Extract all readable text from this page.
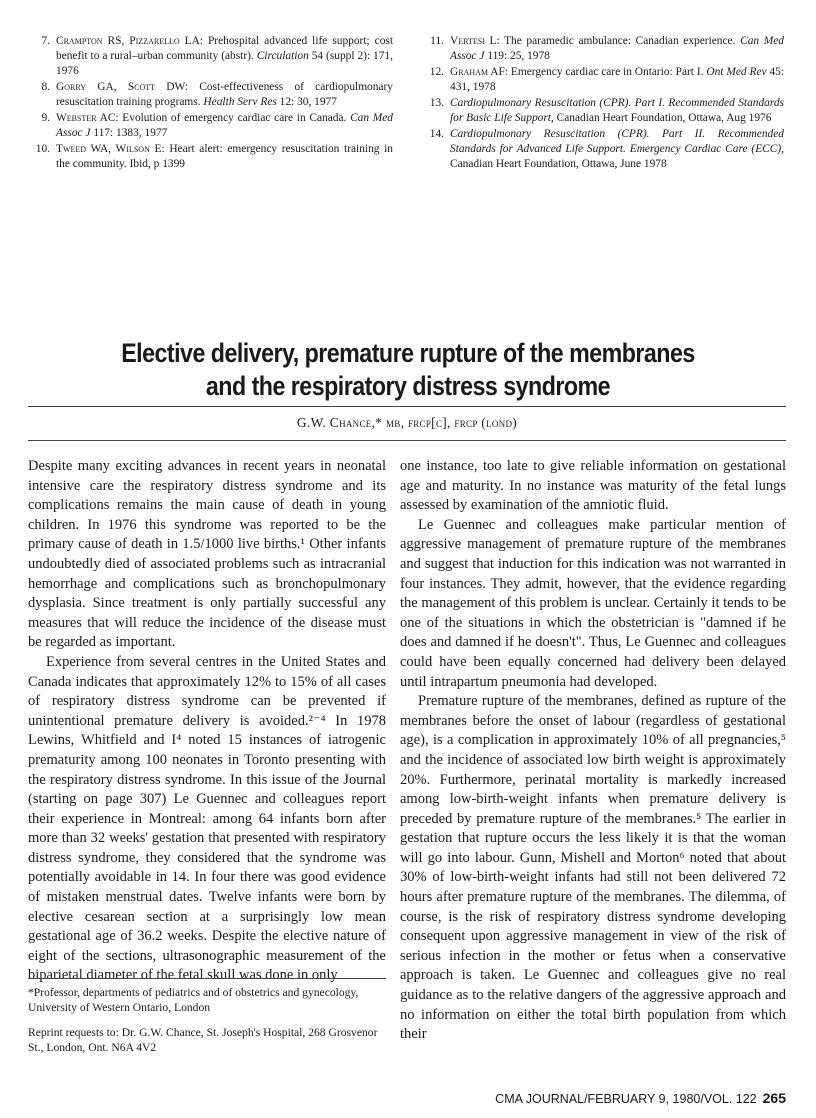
7. Crampton RS, Pizzarello LA: Prehospital advanced life support; cost benefit to a rural–urban community (abstr). Circulation 54 (suppl 2): 171, 1976
8. Gorry GA, Scott DW: Cost-effectiveness of cardiopulmonary resuscitation training programs. Health Serv Res 12: 30, 1977
9. Webster AC: Evolution of emergency cardiac care in Canada. Can Med Assoc J 117: 1383, 1977
10. Tweed WA, Wilson E: Heart alert: emergency resuscitation training in the community. Ibid, p 1399
11. Vertesi L: The paramedic ambulance: Canadian experience. Can Med Assoc J 119: 25, 1978
12. Graham AF: Emergency cardiac care in Ontario: Part I. Ont Med Rev 45: 431, 1978
13. Cardiopulmonary Resuscitation (CPR). Part I. Recommended Standards for Basic Life Support, Canadian Heart Foundation, Ottawa, Aug 1976
14. Cardiopulmonary Resuscitation (CPR). Part II. Recommended Standards for Advanced Life Support. Emergency Cardiac Care (ECC), Canadian Heart Foundation, Ottawa, June 1978
Elective delivery, premature rupture of the membranes
and the respiratory distress syndrome
G.W. Chance,* mb, frcp[c], frcp (lond)

Despite many exciting advances in recent years in neonatal intensive care the respiratory distress syndrome and its complications remains the main cause of death in young children. In 1976 this syndrome was reported to be the primary cause of death in 1.5/1000 live births.¹ Other infants undoubtedly died of associated problems such as intracranial hemorrhage and complications such as bronchopulmonary dysplasia. Since treatment is only partially successful any measures that will reduce the incidence of the disease must be regarded as important.

Experience from several centres in the United States and Canada indicates that approximately 12% to 15% of all cases of respiratory distress syndrome can be prevented if unintentional premature delivery is avoided.²⁻⁴ In 1978 Lewins, Whitfield and I⁴ noted 15 instances of iatrogenic prematurity among 100 neonates in Toronto presenting with the respiratory distress syndrome. In this issue of the Journal (starting on page 307) Le Guennec and colleagues report their experience in Montreal: among 64 infants born after more than 32 weeks' gestation that presented with respiratory distress syndrome, they considered that the syndrome was potentially avoidable in 14. In four there was good evidence of mistaken menstrual dates. Twelve infants were born by elective cesarean section at a surprisingly low mean gestational age of 36.2 weeks. Despite the elective nature of eight of the sections, ultrasonographic measurement of the biparietal diameter of the fetal skull was done in only

one instance, too late to give reliable information on gestational age and maturity. In no instance was maturity of the fetal lungs assessed by examination of the amniotic fluid.

Le Guennec and colleagues make particular mention of aggressive management of premature rupture of the membranes and suggest that induction for this indication was not warranted in four instances. They admit, however, that the evidence regarding the management of this problem is unclear. Certainly it tends to be one of the situations in which the obstetrician is "damned if he does and damned if he doesn't". Thus, Le Guennec and colleagues could have been equally concerned had delivery been delayed until intrapartum pneumonia had developed.

Premature rupture of the membranes, defined as rupture of the membranes before the onset of labour (regardless of gestational age), is a complication in approximately 10% of all pregnancies,⁵ and the incidence of associated low birth weight is approximately 20%. Furthermore, perinatal mortality is markedly increased among low-birth-weight infants when premature delivery is preceded by premature rupture of the membranes.⁵ The earlier in gestation that rupture occurs the less likely it is that the woman will go into labour. Gunn, Mishell and Morton⁶ noted that about 30% of low-birth-weight infants had still not been delivered 72 hours after premature rupture of the membranes. The dilemma, of course, is the risk of respiratory distress syndrome developing consequent upon aggressive management in view of the risk of serious infection in the mother or fetus when a conservative approach is taken. Le Guennec and colleagues give no real guidance as to the relative dangers of the aggressive approach and no information on either the total birth population from which their

*Professor, departments of pediatrics and of obstetrics and gynecology, University of Western Ontario, London
Reprint requests to: Dr. G.W. Chance, St. Joseph's Hospital, 268 Grosvenor St., London, Ont. N6A 4V2
CMA JOURNAL/FEBRUARY 9, 1980/VOL. 122 265
